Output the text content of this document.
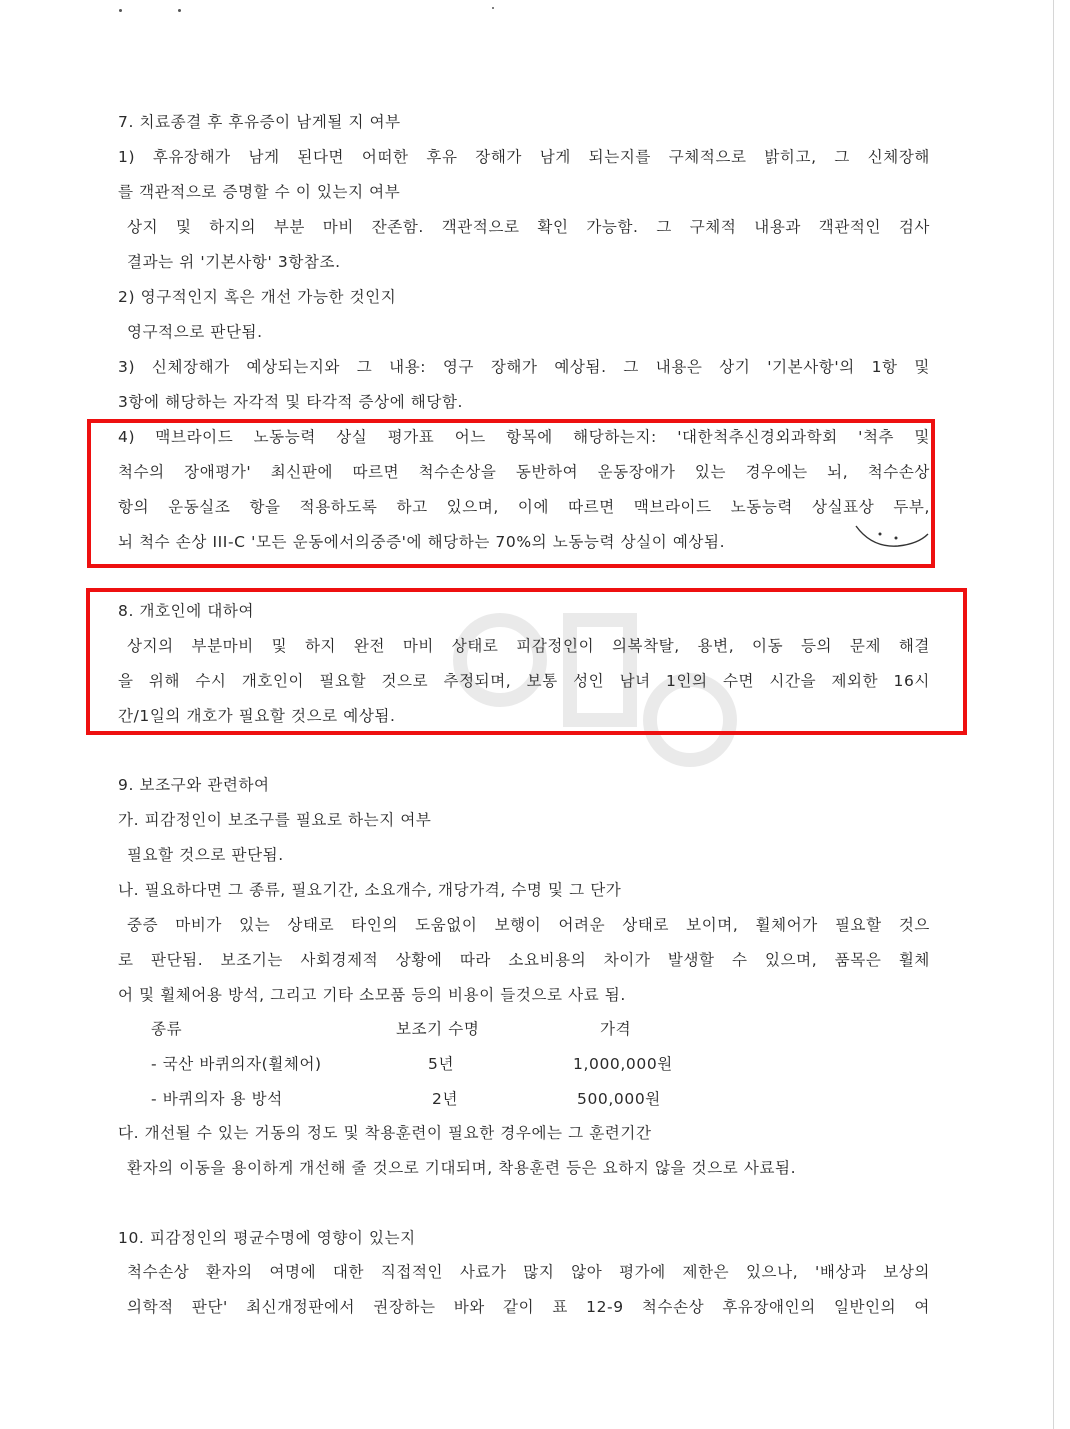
7. 치료종결 후 후유증이 남게될 지 여부
1) 후유장해가 남게 된다면 어떠한 후유 장해가 남게 되는지를 구체적으로 밝히고, 그 신체장해
를 객관적으로 증명할 수 이 있는지 여부
상지 및 하지의 부분 마비 잔존함. 객관적으로 확인 가능함. 그 구체적 내용과 객관적인 검사
결과는 위 '기본사항' 3항참조.
2) 영구적인지 혹은 개선 가능한 것인지
영구적으로 판단됨.
3) 신체장해가 예상되는지와 그 내용: 영구 장해가 예상됨. 그 내용은 상기 '기본사항'의 1항 및
3항에 해당하는 자각적 및 타각적 증상에 해당함.
4) 맥브라이드 노동능력 상실 평가표 어느 항목에 해당하는지: '대한척추신경외과학회 '척추 및
척수의 장애평가' 최신판에 따르면 척수손상을 동반하여 운동장애가 있는 경우에는 뇌, 척수손상
항의 운동실조 항을 적용하도록 하고 있으며, 이에 따르면 맥브라이드 노동능력 상실표상 두부,
뇌 척수 손상 III-C '모든 운동에서의중증'에 해당하는 70%의 노동능력 상실이 예상됨.
8. 개호인에 대하여
상지의 부분마비 및 하지 완전 마비 상태로 피감정인이 의복착탈, 용변, 이동 등의 문제 해결
을 위해 수시 개호인이 필요할 것으로 추정되며, 보통 성인 남녀 1인의 수면 시간을 제외한 16시
간/1일의 개호가 필요할 것으로 예상됨.
9. 보조구와 관련하여
가. 피감정인이 보조구를 필요로 하는지 여부
필요할 것으로 판단됨.
나. 필요하다면 그 종류, 필요기간, 소요개수, 개당가격, 수명 및 그 단가
중증 마비가 있는 상태로 타인의 도움없이 보행이 어려운 상태로 보이며, 휠체어가 필요할 것으
로 판단됨. 보조기는 사회경제적 상황에 따라 소요비용의 차이가 발생할 수 있으며, 품목은 휠체
어 및 휠체어용 방석, 그리고 기타 소모품 등의 비용이 들것으로 사료 됨.
종류	보조기 수명	가격
- 국산 바퀴의자(휠체어)	5년	1,000,000원
- 바퀴의자 용 방석	2년	500,000원
다. 개선될 수 있는 거동의 정도 및 착용훈련이 필요한 경우에는 그 훈련기간
환자의 이동을 용이하게 개선해 줄 것으로 기대되며, 착용훈련 등은 요하지 않을 것으로 사료됨.
10. 피감정인의 평균수명에 영향이 있는지
척수손상 환자의 여명에 대한 직접적인 사료가 많지 않아 평가에 제한은 있으나, '배상과 보상의
의학적 판단' 최신개정판에서 권장하는 바와 같이 표 12-9 척수손상 후유장애인의 일반인의 여
